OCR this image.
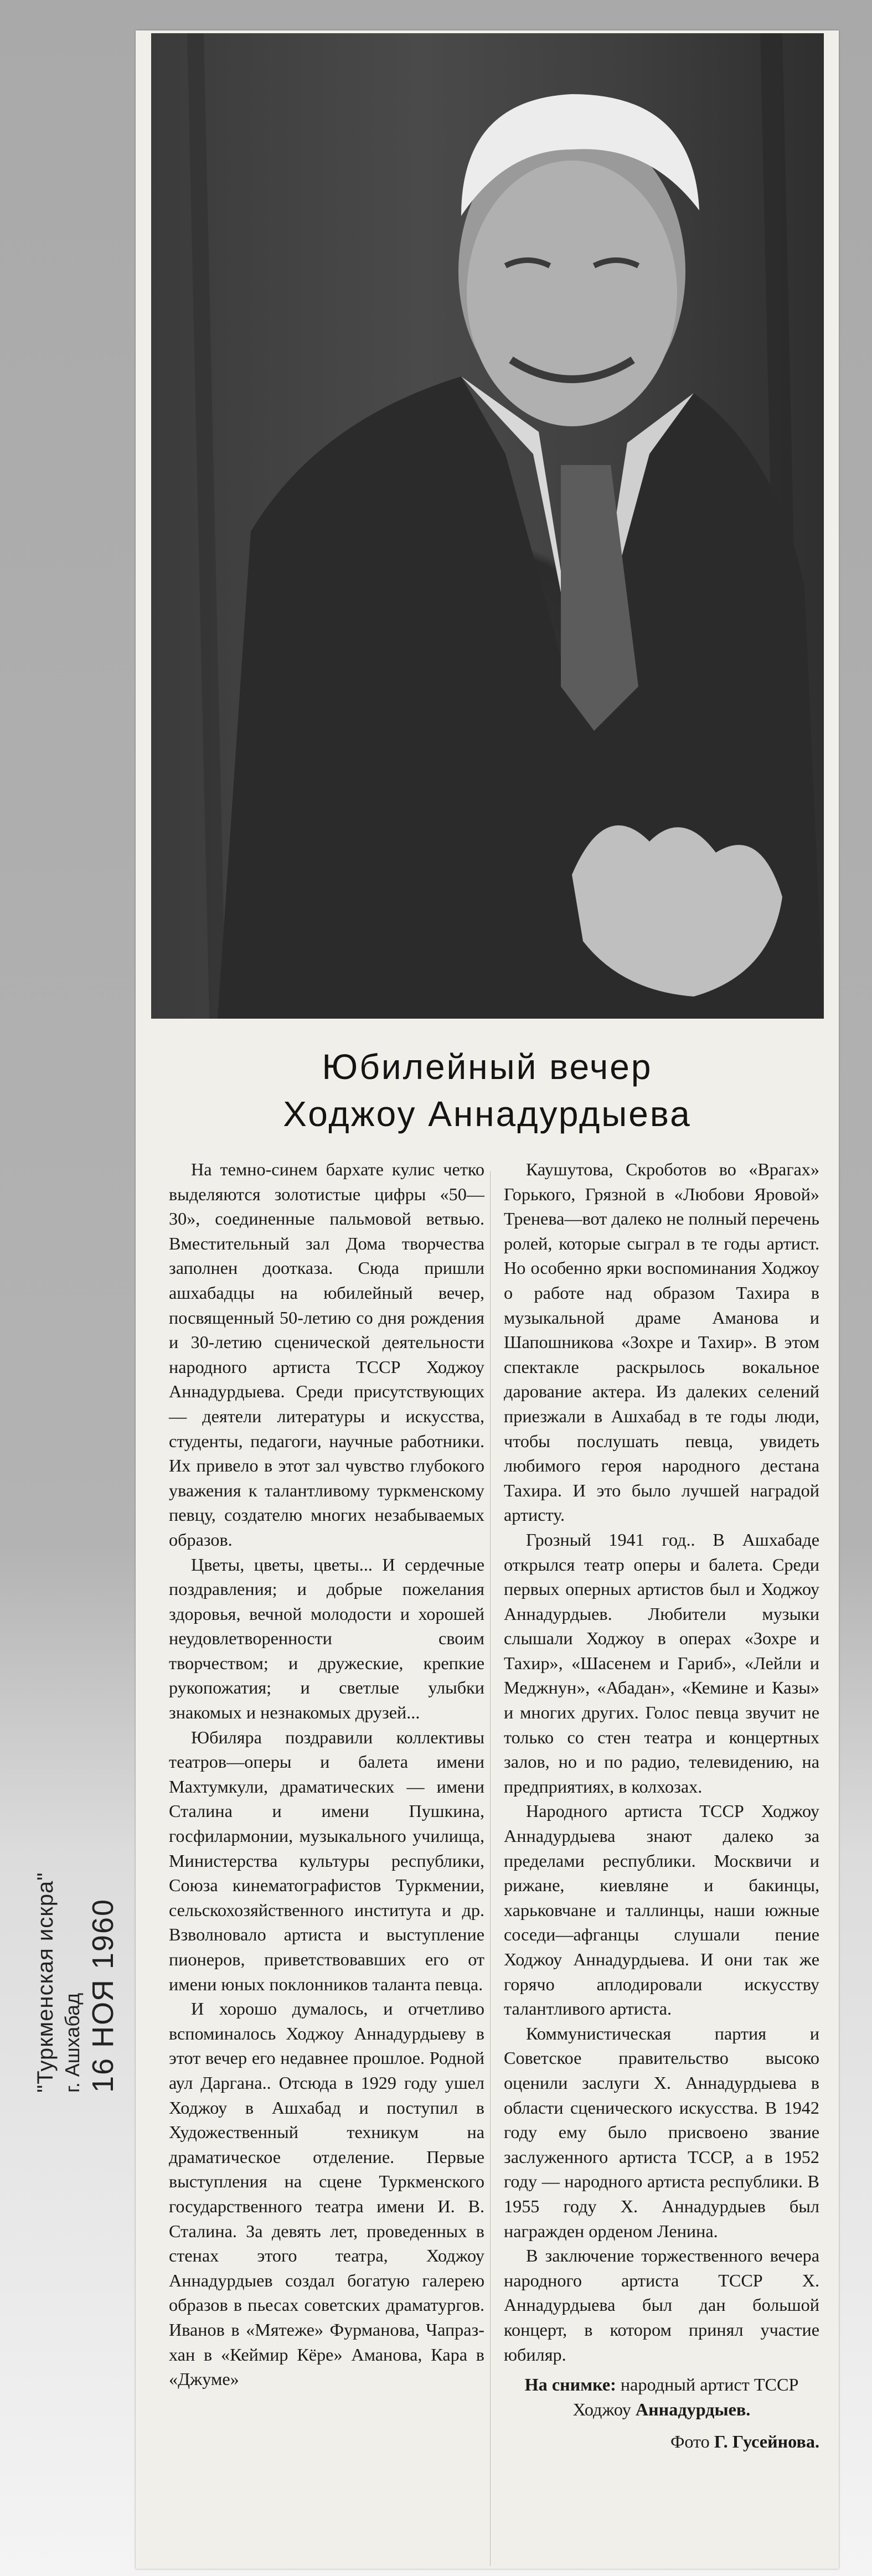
Юбилейный вечер
Ходжоу Аннадурдыева

На темно-синем бархате кулис четко выделяются золотистые цифры «50—30», соединенные пальмовой ветвью. Вместительный зал Дома творчества заполнен доотказа. Сюда пришли ашхабадцы на юбилейный вечер, посвященный 50-летию со дня рождения и 30-летию сценической деятельности народного артиста ТССР Ходжоу Аннадурдыева. Среди присутствующих — деятели литературы и искусства, студенты, педагоги, научные работники. Их привело в этот зал чувство глубокого уважения к талантливому туркменскому певцу, создателю многих незабываемых образов.

Цветы, цветы, цветы... И сердечные поздравления; и добрые пожелания здоровья, вечной молодости и хорошей неудовлетворенности своим творчеством; и дружеские, крепкие рукопожатия; и светлые улыбки знакомых и незнакомых друзей...

Юбиляра поздравили коллективы театров—оперы и балета имени Махтумкули, драматических — имени Сталина и имени Пушкина, госфилармонии, музыкального училища, Министерства культуры республики, Союза кинематографистов Туркмении, сельскохозяйственного института и др. Взволновало артиста и выступление пионеров, приветствовавших его от имени юных поклонников таланта певца.

И хорошо думалось, и отчетливо вспоминалось Ходжоу Аннадурдыеву в этот вечер его недавнее прошлое. Родной аул Даргана.. Отсюда в 1929 году ушел Ходжоу в Ашхабад и поступил в Художественный техникум на драматическое отделение. Первые выступления на сцене Туркменского государственного театра имени И. В. Сталина. За девять лет, проведенных в стенах этого театра, Ходжоу Аннадурдыев создал богатую галерею образов в пьесах советских драматургов. Иванов в «Мятеже» Фурманова, Чапраз-хан в «Кеймир Кёре» Аманова, Кара в «Джуме»

Каушутова, Скроботов во «Врагах» Горького, Грязной в «Любови Яровой» Тренева—вот далеко не полный перечень ролей, которые сыграл в те годы артист. Но особенно ярки воспоминания Ходжоу о работе над образом Тахира в музыкальной драме Аманова и Шапошникова «Зохре и Тахир». В этом спектакле раскрылось вокальное дарование актера. Из далеких селений приезжали в Ашхабад в те годы люди, чтобы послушать певца, увидеть любимого героя народного дестана Тахира. И это было лучшей наградой артисту.

Грозный 1941 год.. В Ашхабаде открылся театр оперы и балета. Среди первых оперных артистов был и Ходжоу Аннадурдыев. Любители музыки слышали Ходжоу в операх «Зохре и Тахир», «Шасенем и Гариб», «Лейли и Меджнун», «Абадан», «Кемине и Казы» и многих других. Голос певца звучит не только со стен театра и концертных залов, но и по радио, телевидению, на предприятиях, в колхозах.

Народного артиста ТССР Ходжоу Аннадурдыева знают далеко за пределами республики. Москвичи и рижане, киевляне и бакинцы, харьковчане и таллинцы, наши южные соседи—афганцы слушали пение Ходжоу Аннадурдыева. И они так же горячо аплодировали искусству талантливого артиста.

Коммунистическая партия и Советское правительство высоко оценили заслуги Х. Аннадурдыева в области сценического искусства. В 1942 году ему было присвоено звание заслуженного артиста ТССР, а в 1952 году — народного артиста республики. В 1955 году Х. Аннадурдыев был награжден орденом Ленина.

В заключение торжественного вечера народного артиста ТССР Х. Аннадурдыева был дан большой концерт, в котором принял участие юбиляр.

На снимке: народный артист ТССР Ходжоу Аннадурдыев.

Фото Г. Гусейнова.

"Туркменская искра" г. Ашхабад 16 НОЯ 1960
